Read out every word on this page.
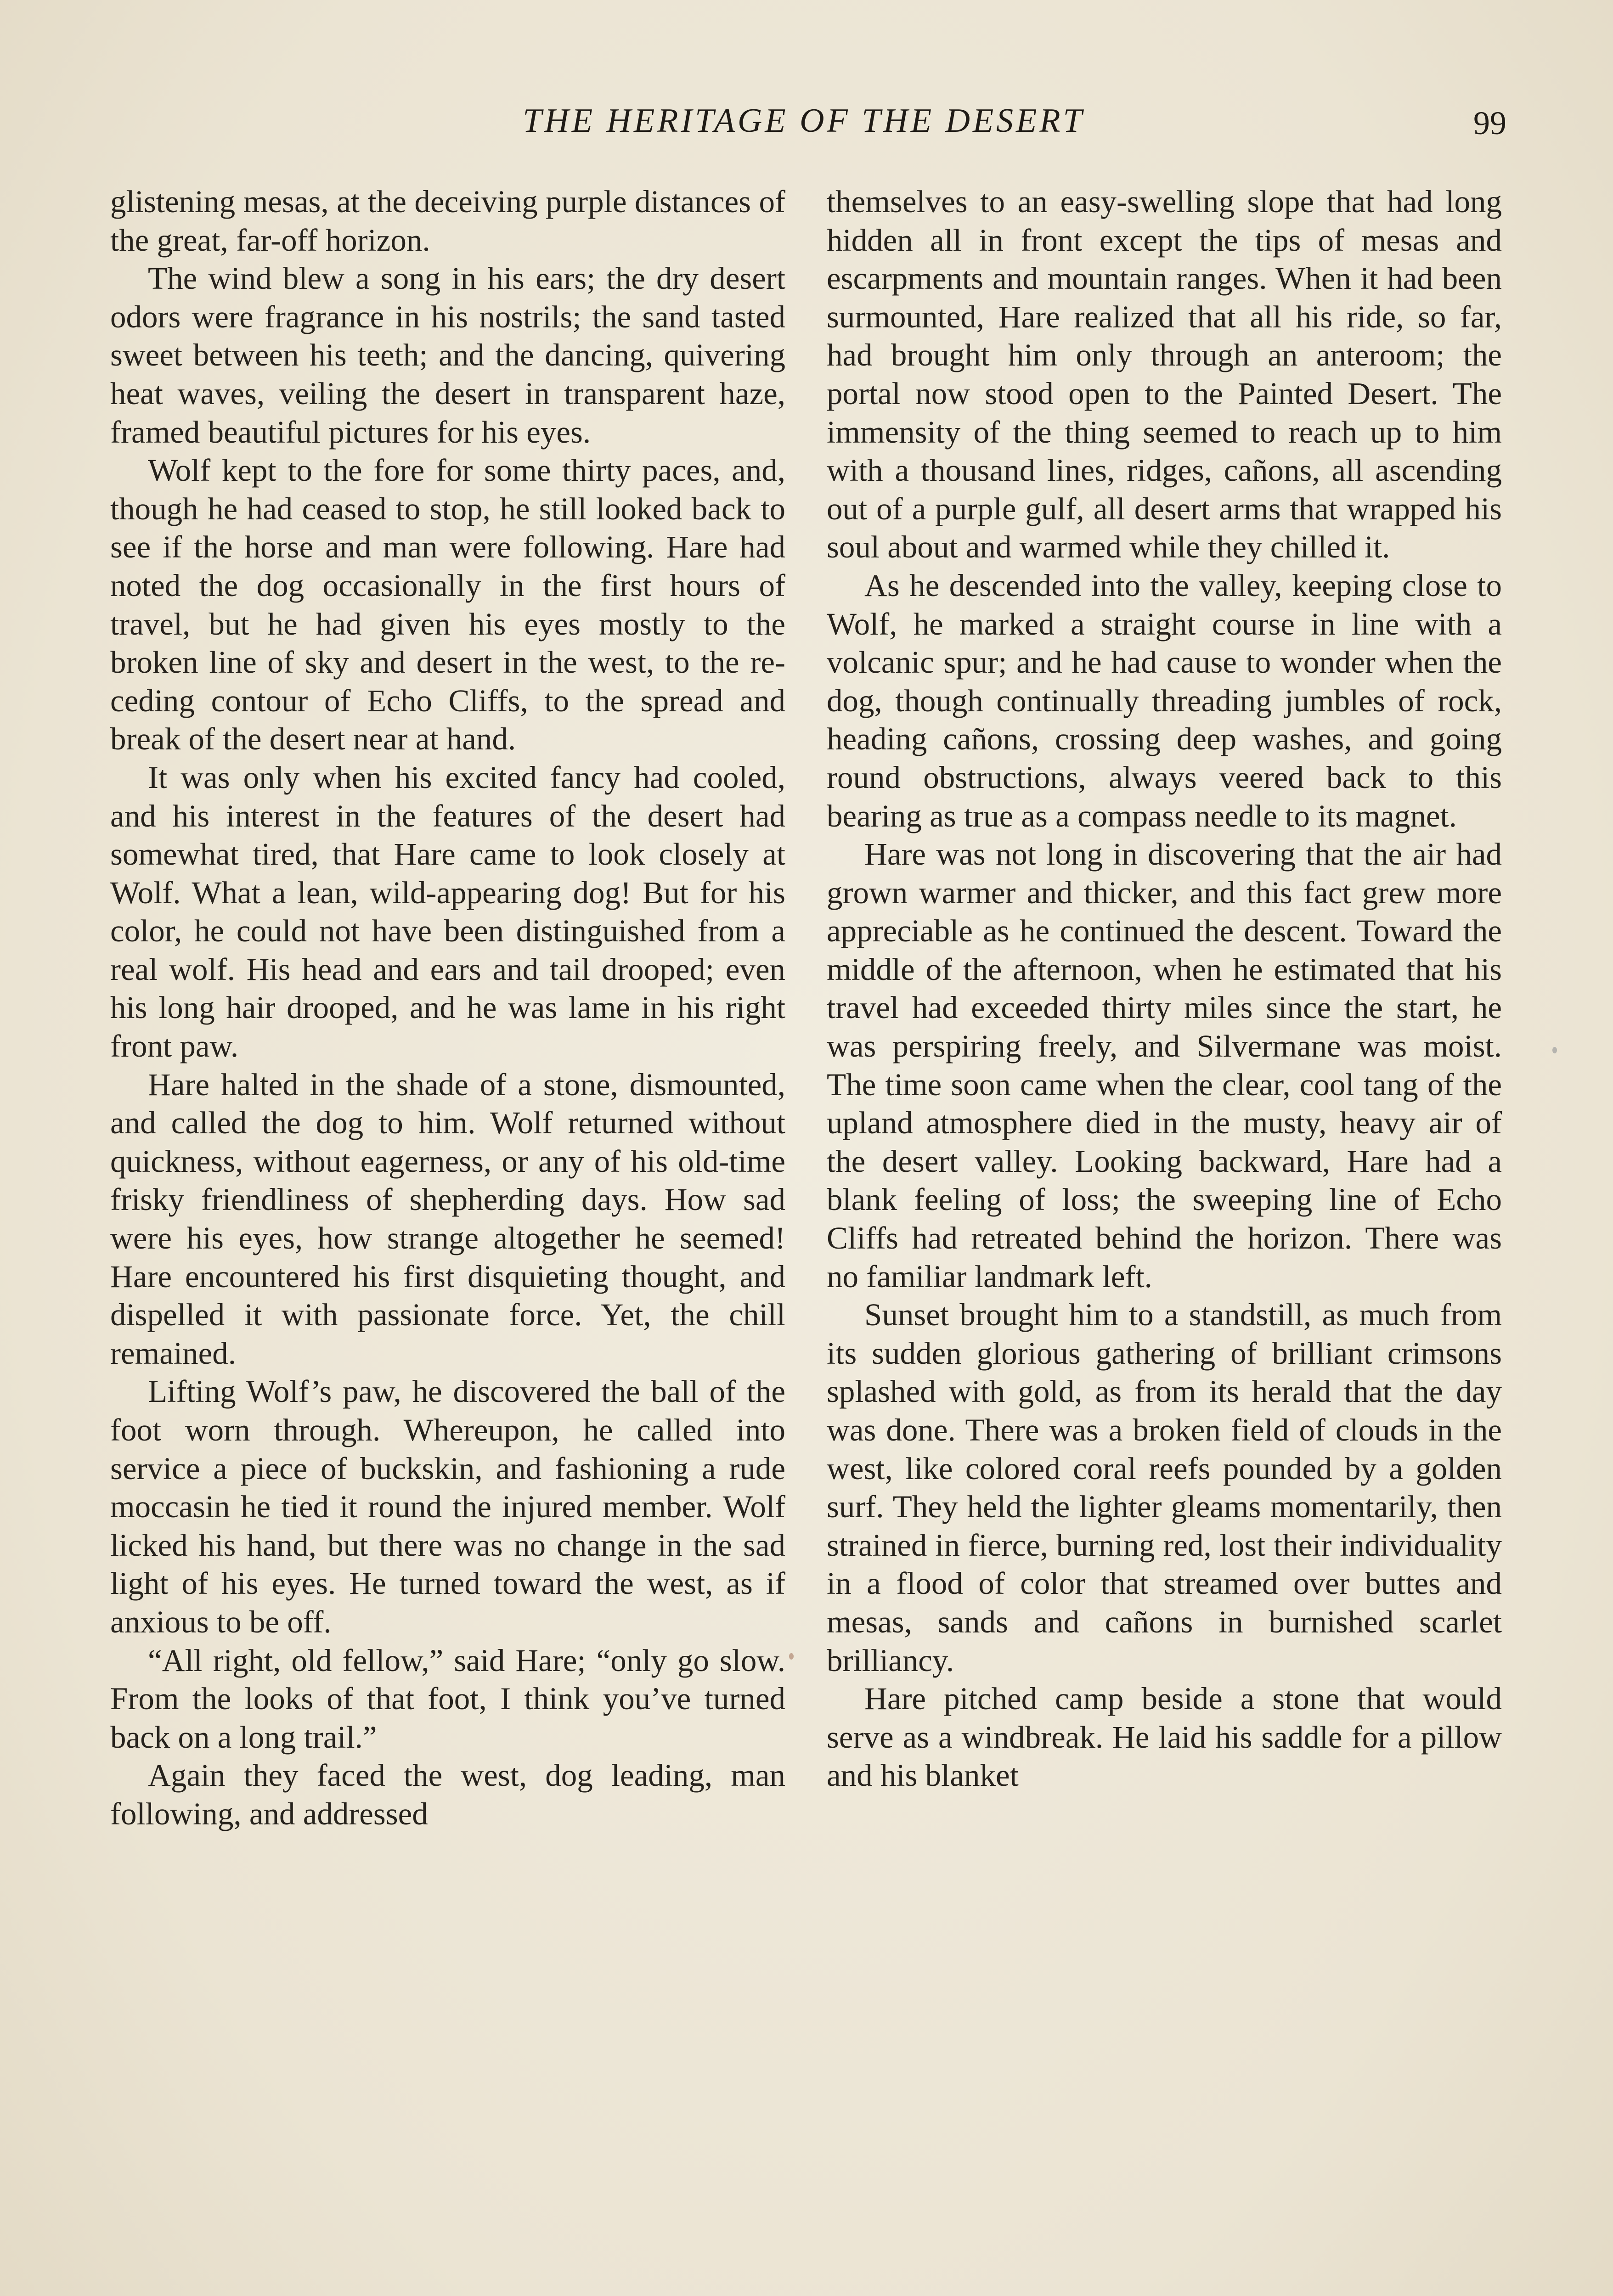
THE HERITAGE OF THE DESERT	99

glistening mesas, at the deceiving purple distances of the great, far-off horizon.

The wind blew a song in his ears; the dry desert odors were fragrance in his nostrils; the sand tasted sweet between his teeth; and the dancing, quivering heat waves, veiling the desert in transparent haze, framed beautiful pictures for his eyes.

Wolf kept to the fore for some thirty paces, and, though he had ceased to stop, he still looked back to see if the horse and man were following. Hare had noted the dog occasionally in the first hours of travel, but he had given his eyes mostly to the broken line of sky and desert in the west, to the receding contour of Echo Cliffs, to the spread and break of the desert near at hand.

It was only when his excited fancy had cooled, and his interest in the features of the desert had somewhat tired, that Hare came to look closely at Wolf. What a lean, wild-appearing dog! But for his color, he could not have been distinguished from a real wolf. His head and ears and tail drooped; even his long hair drooped, and he was lame in his right front paw.

Hare halted in the shade of a stone, dismounted, and called the dog to him. Wolf returned without quickness, without eagerness, or any of his old-time frisky friendliness of shepherding days. How sad were his eyes, how strange altogether he seemed! Hare encountered his first disquieting thought, and dispelled it with passionate force. Yet, the chill remained.

Lifting Wolf’s paw, he discovered the ball of the foot worn through. Whereupon, he called into service a piece of buckskin, and fashioning a rude moccasin he tied it round the injured member. Wolf licked his hand, but there was no change in the sad light of his eyes. He turned toward the west, as if anxious to be off.

“All right, old fellow,” said Hare; “only go slow. From the looks of that foot, I think you’ve turned back on a long trail.”

Again they faced the west, dog leading, man following, and addressed

themselves to an easy-swelling slope that had long hidden all in front except the tips of mesas and escarpments and mountain ranges. When it had been surmounted, Hare realized that all his ride, so far, had brought him only through an anteroom; the portal now stood open to the Painted Desert. The immensity of the thing seemed to reach up to him with a thousand lines, ridges, cañons, all ascending out of a purple gulf, all desert arms that wrapped his soul about and warmed while they chilled it.

As he descended into the valley, keeping close to Wolf, he marked a straight course in line with a volcanic spur; and he had cause to wonder when the dog, though continually threading jumbles of rock, heading cañons, crossing deep washes, and going round obstructions, always veered back to this bearing as true as a compass needle to its magnet.

Hare was not long in discovering that the air had grown warmer and thicker, and this fact grew more appreciable as he continued the descent. Toward the middle of the afternoon, when he estimated that his travel had exceeded thirty miles since the start, he was perspiring freely, and Silvermane was moist. The time soon came when the clear, cool tang of the upland atmosphere died in the musty, heavy air of the desert valley. Looking backward, Hare had a blank feeling of loss; the sweeping line of Echo Cliffs had retreated behind the horizon. There was no familiar landmark left.

Sunset brought him to a standstill, as much from its sudden glorious gathering of brilliant crimsons splashed with gold, as from its herald that the day was done. There was a broken field of clouds in the west, like colored coral reefs pounded by a golden surf. They held the lighter gleams momentarily, then strained in fierce, burning red, lost their individuality in a flood of color that streamed over buttes and mesas, sands and cañons in burnished scarlet brilliancy.

Hare pitched camp beside a stone that would serve as a windbreak. He laid his saddle for a pillow and his blanket
